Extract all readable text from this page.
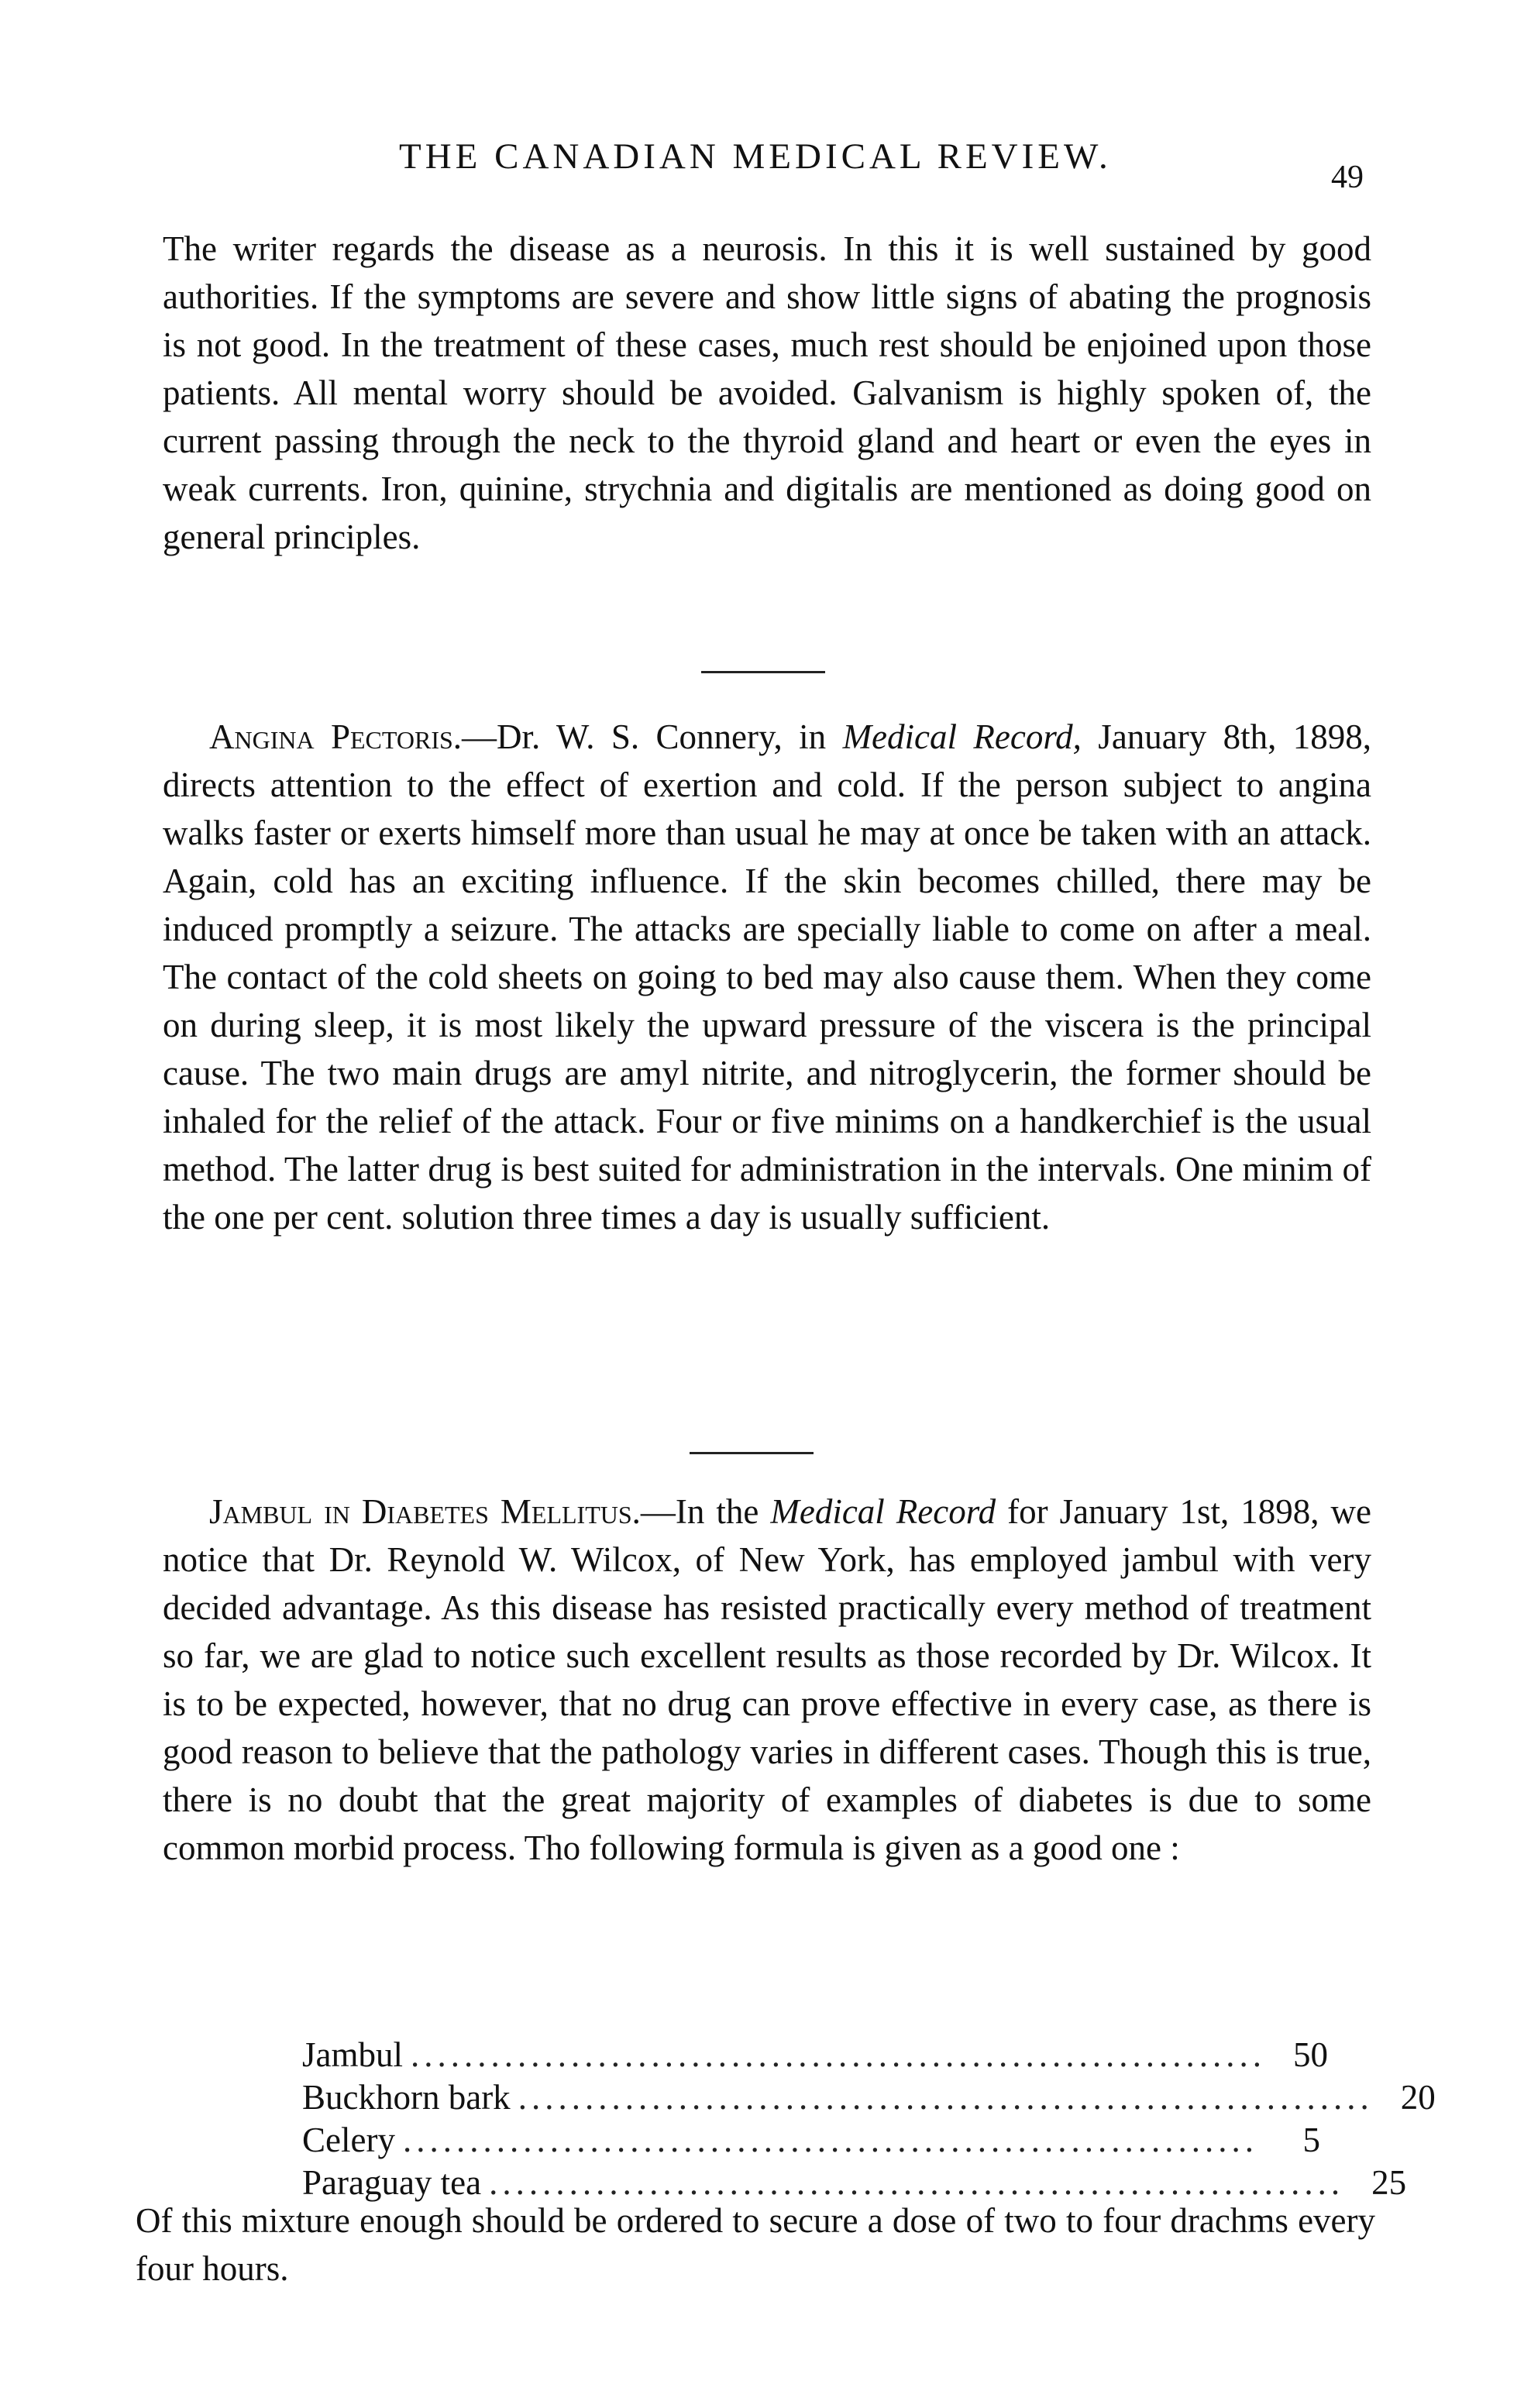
THE CANADIAN MEDICAL REVIEW.
49

The writer regards the disease as a neurosis. In this it is well sustained by good authorities. If the symptoms are severe and show little signs of abating the prognosis is not good. In the treatment of these cases, much rest should be enjoined upon those patients. All mental worry should be avoided. Galvanism is highly spoken of, the current passing through the neck to the thyroid gland and heart or even the eyes in weak currents. Iron, quinine, strychnia and digitalis are mentioned as doing good on general principles.

Angina Pectoris.—Dr. W. S. Connery, in Medical Record, January 8th, 1898, directs attention to the effect of exertion and cold. If the person subject to angina walks faster or exerts himself more than usual he may at once be taken with an attack. Again, cold has an exciting influence. If the skin becomes chilled, there may be induced promptly a seizure. The attacks are specially liable to come on after a meal. The contact of the cold sheets on going to bed may also cause them. When they come on during sleep, it is most likely the upward pressure of the viscera is the principal cause. The two main drugs are amyl nitrite, and nitroglycerin, the former should be inhaled for the relief of the attack. Four or five minims on a handkerchief is the usual method. The latter drug is best suited for administration in the intervals. One minim of the one per cent. solution three times a day is usually sufficient.

Jambul in Diabetes Mellitus.—In the Medical Record for January 1st, 1898, we notice that Dr. Reynold W. Wilcox, of New York, has employed jambul with very decided advantage. As this disease has resisted practically every method of treatment so far, we are glad to notice such excellent results as those recorded by Dr. Wilcox. It is to be expected, however, that no drug can prove effective in every case, as there is good reason to believe that the pathology varies in different cases. Though this is true, there is no doubt that the great majority of examples of diabetes is due to some common morbid process. Tho following formula is given as a good one :

Jambul ................................................................ 50
Buckhorn bark ................................................................ 20
Celery ................................................................	5
Paraguay tea ................................................................ 25

Of this mixture enough should be ordered to secure a dose of two to four drachms every four hours.
